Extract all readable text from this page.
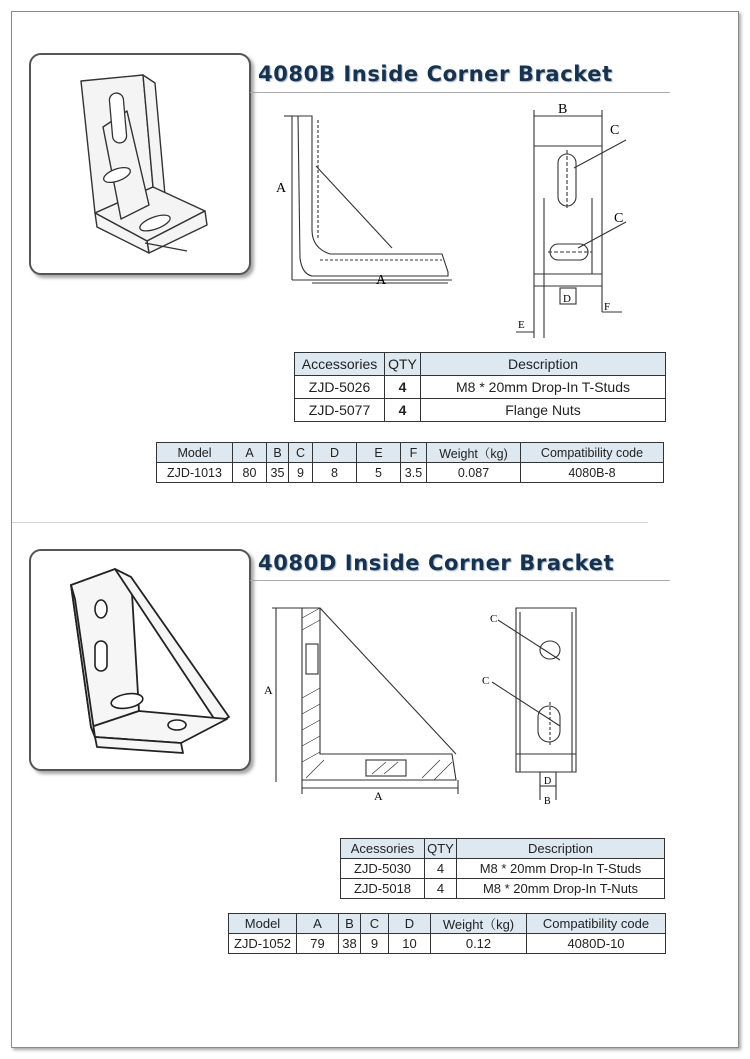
4080B Inside Corner Bracket
A
A
B
C
C
D
F
E
Accessories	QTY	Description
ZJD-5026	4	M8 * 20mm Drop-In T-Studs
ZJD-5077	4	Flange Nuts
Model	A	B	C	D	E	F	Weight（kg)	Compatibility code
ZJD-1013	80	35	9	8	5	3.5	0.087	4080B-8
4080D Inside Corner Bracket
A
A
C
C
D
B
Acessories	QTY	Description
ZJD-5030	4	M8 * 20mm Drop-In T-Studs
ZJD-5018	4	M8 * 20mm Drop-In T-Nuts
Model	A	B	C	D	Weight（kg)	Compatibility code
ZJD-1052	79	38	9	10	0.12	4080D-10
